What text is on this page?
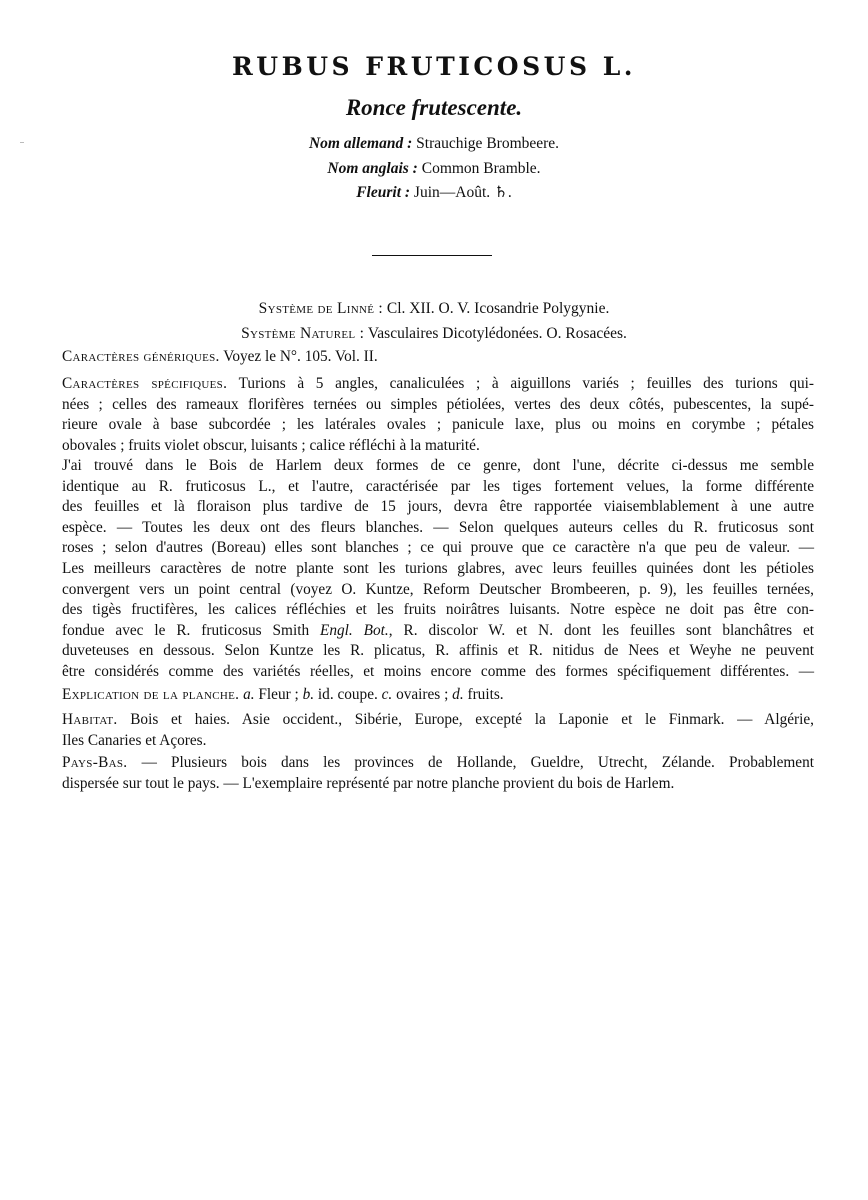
RUBUS FRUTICOSUS L.
Ronce frutescente.
Nom allemand : Strauchige Brombeere.
Nom anglais : Common Bramble.
Fleurit : Juin—Août. ♄.
Système de Linné : Cl. XII. O. V. Icosandrie Polygynie.
Système Naturel : Vasculaires Dicotylédonées. O. Rosacées.
Caractères génériques. Voyez le N°. 105. Vol. II.
Caractères spécifiques. Turions à 5 angles, canaliculées ; à aiguillons variés ; feuilles des turions qui-
nées ; celles des rameaux florifères ternées ou simples pétiolées, vertes des deux côtés, pubescentes, la supé-
rieure ovale à base subcordée ; les latérales ovales ; panicule laxe, plus ou moins en corymbe ; pétales
obovales ; fruits violet obscur, luisants ; calice réfléchi à la maturité.
J'ai trouvé dans le Bois de Harlem deux formes de ce genre, dont l'une, décrite ci-dessus me semble
identique au R. fruticosus L., et l'autre, caractérisée par les tiges fortement velues, la forme différente
des feuilles et là floraison plus tardive de 15 jours, devra être rapportée viaisemblablement à une autre
espèce. — Toutes les deux ont des fleurs blanches. — Selon quelques auteurs celles du R. fruticosus sont
roses ; selon d'autres (Boreau) elles sont blanches ; ce qui prouve que ce caractère n'a que peu de valeur. —
Les meilleurs caractères de notre plante sont les turions glabres, avec leurs feuilles quinées dont les pétioles
convergent vers un point central (voyez O. Kuntze, Reform Deutscher Brombeeren, p. 9), les feuilles ternées,
des tigès fructifères, les calices réfléchies et les fruits noirâtres luisants. Notre espèce ne doit pas être con-
fondue avec le R. fruticosus Smith Engl. Bot., R. discolor W. et N. dont les feuilles sont blanchâtres et
duveteuses en dessous. Selon Kuntze les R. plicatus, R. affinis et R. nitidus de Nees et Weyhe ne peuvent
être considérés comme des variétés réelles, et moins encore comme des formes spécifiquement différentes. —
Explication de la planche. a. Fleur ; b. id. coupe. c. ovaires ; d. fruits.
Habitat. Bois et haies. Asie occident., Sibérie, Europe, excepté la Laponie et le Finmark. — Algérie,
Iles Canaries et Açores.
Pays-Bas. — Plusieurs bois dans les provinces de Hollande, Gueldre, Utrecht, Zélande. Probablement
dispersée sur tout le pays. — L'exemplaire représenté par notre planche provient du bois de Harlem.
